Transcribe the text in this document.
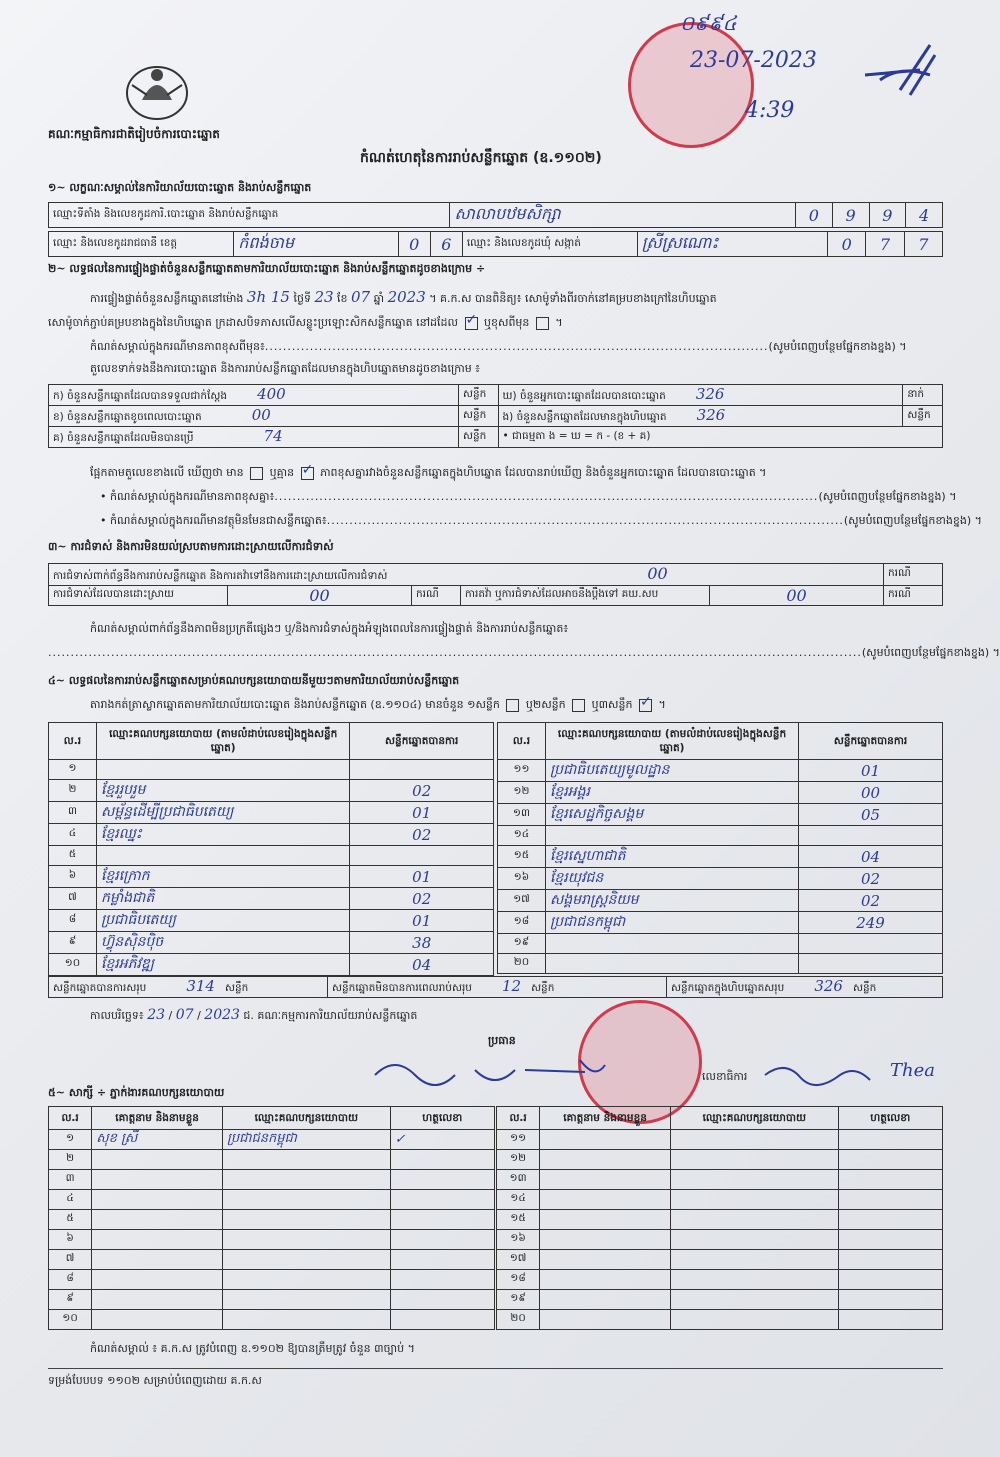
គណៈកម្មាធិការជាតិរៀបចំការបោះឆ្នោត
កំណត់ហេតុនៃការរាប់សន្លឹកឆ្នោត (ឧ.១១០២)
០៩៩៤
23-07-2023
4:39
១~ លក្ខណៈសម្គាល់នៃការិយាល័យបោះឆ្នោត និងរាប់សន្លឹកឆ្នោត
ឈ្មោះទីតាំង និងលេខកូដការិ.បោះឆ្នោត និងរាប់សន្លឹកឆ្នោត	សាលាបឋមសិក្សា	0	9	9	4
ឈ្មោះ និងលេខកូដរាជធានី ខេត្ត	កំពង់ចាម	0	6	ឈ្មោះ និងលេខកូដឃុំ សង្កាត់	ស្រីស្រណោះ	0	7	7
២~ លទ្ធផលនៃការផ្ទៀងផ្ទាត់ចំនួនសន្លឹកឆ្នោតតាមការិយាល័យបោះឆ្នោត និងរាប់សន្លឹកឆ្នោតដូចខាងក្រោម ÷
ការផ្ទៀងផ្ទាត់ចំនួនសន្លឹកឆ្នោតនៅម៉ោង 3h 15 ថ្ងៃទី 23 ខែ 07 ឆ្នាំ 2023 ។ គ.ក.ស បានពិនិត្យ៖ សោម៉ូទាំងពីរចាក់នៅគម្របខាងក្រៅនៃហិបឆ្នោត
សោម៉ូចាក់ភ្ជាប់គម្របខាងក្នុងនៃហិបឆ្នោត ក្រដាសបិទភាសលើសន្លូះប្រឡោះសិកសន្លឹកឆ្នោត នៅដដែល ✓ ឬខុសពីមុន  ។
កំណត់សម្គាល់ក្នុងករណីមានភាពខុសពីមុន៖................................................................................................................(សូមបំពេញបន្ថែមផ្នែកខាងខ្នង) ។
តួលេខទាក់ទងនឹងការបោះឆ្នោត និងការរាប់សន្លឹកឆ្នោតដែលមានក្នុងហិបឆ្នោតមានដូចខាងក្រោម ៖
ក) ចំនួនសន្លឹកឆ្នោតដែលបានទទួលជាក់ស្តែង 400	សន្លឹក	ឃ) ចំនួនអ្នកបោះឆ្នោតដែលបានបោះឆ្នោត 326	នាក់
ខ) ចំនួនសន្លឹកឆ្នោតខូចពេលបោះឆ្នោត 00	សន្លឹក	ង) ចំនួនសន្លឹកឆ្នោតដែលមានក្នុងហិបឆ្នោត 326	សន្លឹក
គ) ចំនួនសន្លឹកឆ្នោតដែលមិនបានប្រើ 74	សន្លឹក	• ជាធម្មតា ង = ឃ = ក - (ខ + គ)	
ផ្អែកតាមតួលេខខាងលើ ឃើញថា មាន ឬគ្មាន ✓ ភាពខុសគ្នារវាងចំនួនសន្លឹកឆ្នោតក្នុងហិបឆ្នោត ដែលបានរាប់ឃើញ និងចំនួនអ្នកបោះឆ្នោត ដែលបានបោះឆ្នោត ។
• កំណត់សម្គាល់ក្នុងករណីមានភាពខុសគ្នា៖.........................................................................................................................(សូមបំពេញបន្ថែមផ្នែកខាងខ្នង) ។
• កំណត់សម្គាល់ក្នុងករណីមានវត្ថុមិនមែនជាសន្លឹកឆ្នោត៖...................................................................................................................(សូមបំពេញបន្ថែមផ្នែកខាងខ្នង) ។
៣~ ការជំទាស់ និងការមិនយល់ស្របតាមការដោះស្រាយលើការជំទាស់
ការជំទាស់ពាក់ព័ន្ធនឹងការរាប់សន្លឹកឆ្នោត និងការតវ៉ាទៅនឹងការដោះស្រាយលើការជំទាស់ 00					ករណី
ការជំទាស់ដែលបានដោះស្រាយ	00	ករណី	ការតវ៉ា ឬការជំទាស់ដែលអាចនឹងប្តឹងទៅ គឃ.សប	00	ករណី
កំណត់សម្គាល់ពាក់ព័ន្ធនឹងភាពមិនប្រក្រតីផ្សេងៗ ឬ/និងការជំទាស់ក្នុងអំឡុងពេលនៃការផ្ទៀងផ្ទាត់ និងការរាប់សន្លឹកឆ្នោត៖
.....................................................................................................................................................................................(សូមបំពេញបន្ថែមផ្នែកខាងខ្នង) ។
៤~ លទ្ធផលនៃការរាប់សន្លឹកឆ្នោតសម្រាប់គណបក្សនយោបាយនីមួយៗតាមការិយាល័យរាប់សន្លឹកឆ្នោត
តារាងកត់ត្រាស្លាកឆ្នោតតាមការិយាល័យបោះឆ្នោត និងរាប់សន្លឹកឆ្នោត (ឧ.១១០៤) មានចំនួន ១សន្លឹក ឬ២សន្លឹក ឬ៣សន្លឹក ✓ ។
ល.រ	ឈ្មោះគណបក្សនយោបាយ (តាមលំដាប់លេខរៀងក្នុងសន្លឹកឆ្នោត)	សន្លឹកឆ្នោតបានការ
១		
២	ខ្មែររួបរួម	02
៣	សម្ព័ន្ធដើម្បីប្រជាធិបតេយ្យ	01
៤	ខ្មែរឈ្នះ	02
៥		
៦	ខ្មែរក្រោក	01
៧	កម្លាំងជាតិ	02
៨	ប្រជាធិបតេយ្យ	01
៩	ហ៊្វុនស៊ិនប៉ិច	38
១០	ខ្មែរអភិវឌ្ឍ	04
ល.រ	ឈ្មោះគណបក្សនយោបាយ (តាមលំដាប់លេខរៀងក្នុងសន្លឹកឆ្នោត)	សន្លឹកឆ្នោតបានការ
១១	ប្រជាធិបតេយ្យមូលដ្ឋាន	01
១២	ខ្មែរអង្គរ	00
១៣	ខ្មែរសេដ្ឋកិច្ចសង្គម	05
១៤		
១៥	ខ្មែរស្នេហាជាតិ	04
១៦	ខ្មែរយុវជន	02
១៧	សង្គមរាស្ត្រនិយម	02
១៨	ប្រជាជនកម្ពុជា	249
១៩		
២០		
សន្លឹកឆ្នោតបានការសរុប	314 សន្លឹក	សន្លឹកឆ្នោតមិនបានការពេលរាប់សរុប 12 សន្លឹក	សន្លឹកឆ្នោតក្នុងហិបឆ្នោតសរុប 326 សន្លឹក
កាលបរិច្ឆេទ៖ 23 / 07 / 2023 ជ. គណៈកម្មការការិយាល័យរាប់សន្លឹកឆ្នោត
ប្រធាន
លេខាធិការ	Thea
៥~ សាក្សី ÷ ភ្នាក់ងារគណបក្សនយោបាយ
ល.រ	គោត្តនាម និងនាមខ្លួន	ឈ្មោះគណបក្សនយោបាយ	ហត្ថលេខា
១	សុខ ស្រី	ប្រជាជនកម្ពុជា	✓
២			
៣			
៤			
៥			
៦			
៧			
៨			
៩			
១០			
ល.រ	គោត្តនាម និងនាមខ្លួន	ឈ្មោះគណបក្សនយោបាយ	ហត្ថលេខា
១១			
១២			
១៣			
១៤			
១៥			
១៦			
១៧			
១៨			
១៩			
២០			
កំណត់សម្គាល់ ៖ គ.ក.ស ត្រូវបំពេញ ឧ.១១០២ ឱ្យបានត្រឹមត្រូវ ចំនួន ៣ច្បាប់ ។
ទម្រង់បែបបទ ១១០២ សម្រាប់បំពេញដោយ គ.ក.ស
